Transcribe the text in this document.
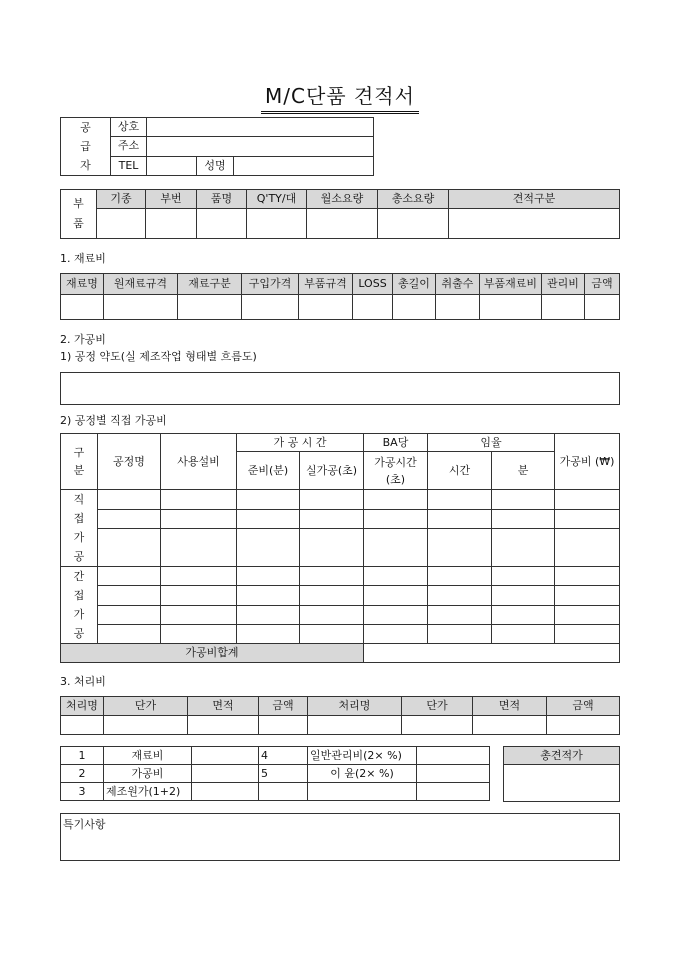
M/C단품 견적서
공
급
자	상호			
	주소			
	TEL		성명	
부
품	기종	부번	품명	Q'TY/대	월소요량	총소요량	견적구분

1. 재료비
재료명	원재료규격	재료구분	구입가격	부품규격	LOSS	총길이	취출수	부품재료비	관리비	금액

2. 가공비
1) 공정 약도(실 제조작업 형태별 흐름도)
2) 공정별 직접 가공비
구
분	공정명	사용설비	가 공 시 간		BA당	임율		가공비 (₩)
			준비(분)	실가공(초)	가공시간 (초)	시간	분	

직
접
가
공								

간
접
가
공								

가공비합계								
3. 처리비
처리명	단가	면적	금액	처리명	단가	면적	금액

1	재료비		4	일반관리비(2× %)	
2	가공비		5	이 윤(2× %)	
3	제조원가(1+2)				
총견적가

특기사항
